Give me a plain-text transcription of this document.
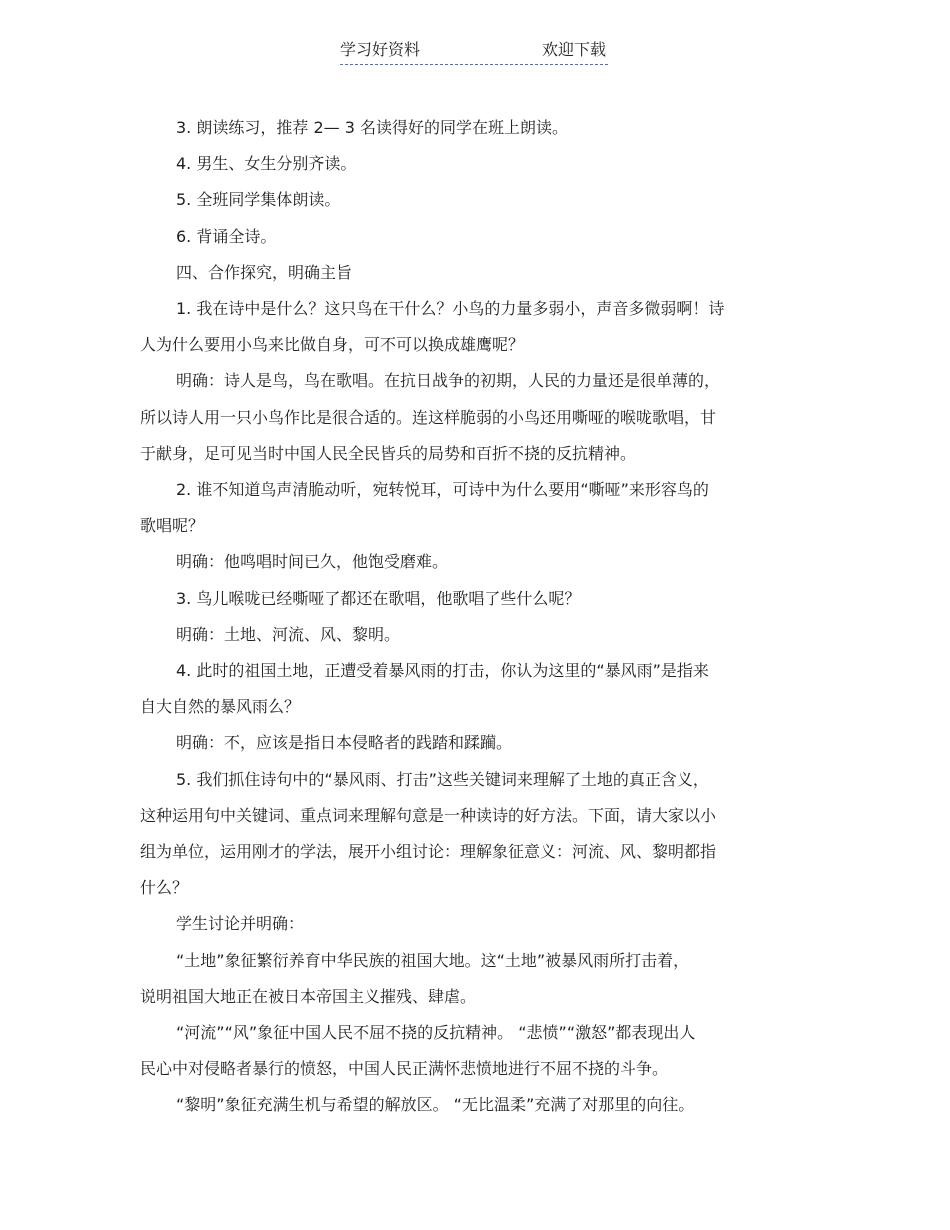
学习好资料	欢迎下载

3. 朗读练习，推荐 2— 3 名读得好的同学在班上朗读。

4. 男生、女生分别齐读。

5. 全班同学集体朗读。

6. 背诵全诗。

四、合作探究，明确主旨

1. 我在诗中是什么？这只鸟在干什么？小鸟的力量多弱小，声音多微弱啊！诗

人为什么要用小鸟来比做自身，可不可以换成雄鹰呢？

明确：诗人是鸟，鸟在歌唱。在抗日战争的初期，人民的力量还是很单薄的，

所以诗人用一只小鸟作比是很合适的。连这样脆弱的小鸟还用嘶哑的喉咙歌唱，甘

于献身，足可见当时中国人民全民皆兵的局势和百折不挠的反抗精神。

2. 谁不知道鸟声清脆动听，宛转悦耳，可诗中为什么要用“嘶哑”来形容鸟的

歌唱呢？

明确：他鸣唱时间已久，他饱受磨难。

3. 鸟儿喉咙已经嘶哑了都还在歌唱，他歌唱了些什么呢？

明确：土地、河流、风、黎明。

4. 此时的祖国土地，正遭受着暴风雨的打击，你认为这里的“暴风雨”是指来

自大自然的暴风雨么？

明确：不，应该是指日本侵略者的践踏和蹂躏。

5. 我们抓住诗句中的“暴风雨、打击”这些关键词来理解了土地的真正含义，

这种运用句中关键词、重点词来理解句意是一种读诗的好方法。下面，请大家以小

组为单位，运用刚才的学法，展开小组讨论：理解象征意义：河流、风、黎明都指

什么？

学生讨论并明确：

“土地”象征繁衍养育中华民族的祖国大地。这“土地”被暴风雨所打击着，

说明祖国大地正在被日本帝国主义摧残、肆虐。

“河流”“风”象征中国人民不屈不挠的反抗精神。 “悲愤”“激怒”都表现出人

民心中对侵略者暴行的愤怒，中国人民正满怀悲愤地进行不屈不挠的斗争。

“黎明”象征充满生机与希望的解放区。 “无比温柔”充满了对那里的向往。
